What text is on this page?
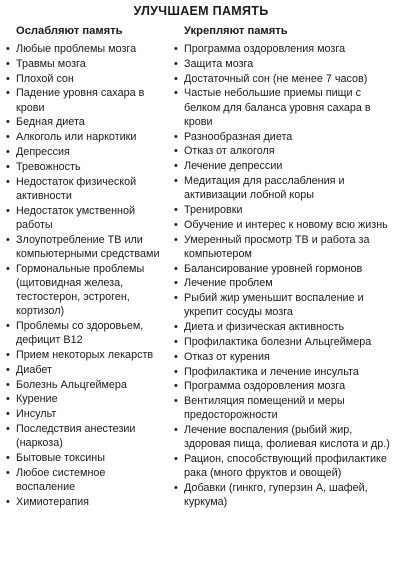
УЛУЧШАЕМ ПАМЯТЬ
Ослабляют память
• Любые проблемы мозга
• Травмы мозга
• Плохой сон
• Падение уровня сахара в крови
• Бедная диета
• Алкоголь или наркотики
• Депрессия
• Тревожность
• Недостаток физической активности
• Недостаток умственной работы
• Злоупотребление ТВ или компьютерными средствами
• Гормональные проблемы (щитовидная железа, тестостерон, эстроген, кортизол)
• Проблемы со здоровьем, дефицит В12
• Прием некоторых лекарств
• Диабет
• Болезнь Альцгеймера
• Курение
• Инсульт
• Последствия анестезии (наркоза)
• Бытовые токсины
• Любое системное воспаление
• Химиотерапия
Укрепляют память
• Программа оздоровления мозга
• Защита мозга
• Достаточный сон (не менее 7 часов)
• Частые небольшие приемы пищи с белком для баланса уровня сахара в крови
• Разнообразная диета
• Отказ от алкоголя
• Лечение депрессии
• Медитация для расслабления и активизации лобной коры
• Тренировки
• Обучение и интерес к новому всю жизнь
• Умеренный просмотр ТВ и работа за компьютером
• Балансирование уровней гормонов
• Лечение проблем
• Рыбий жир уменьшит воспаление и укрепит сосуды мозга
• Диета и физическая активность
• Профилактика болезни Альцгеймера
• Отказ от курения
• Профилактика и лечение инсульта
• Программа оздоровления мозга
• Вентиляция помещений и меры предосторожности
• Лечение воспаления (рыбий жир, здоровая пища, фолиевая кислота и др.)
• Рацион, способствующий профилактике рака (много фруктов и овощей)
• Добавки (гинкго, гуперзин А, шафей, куркума)
